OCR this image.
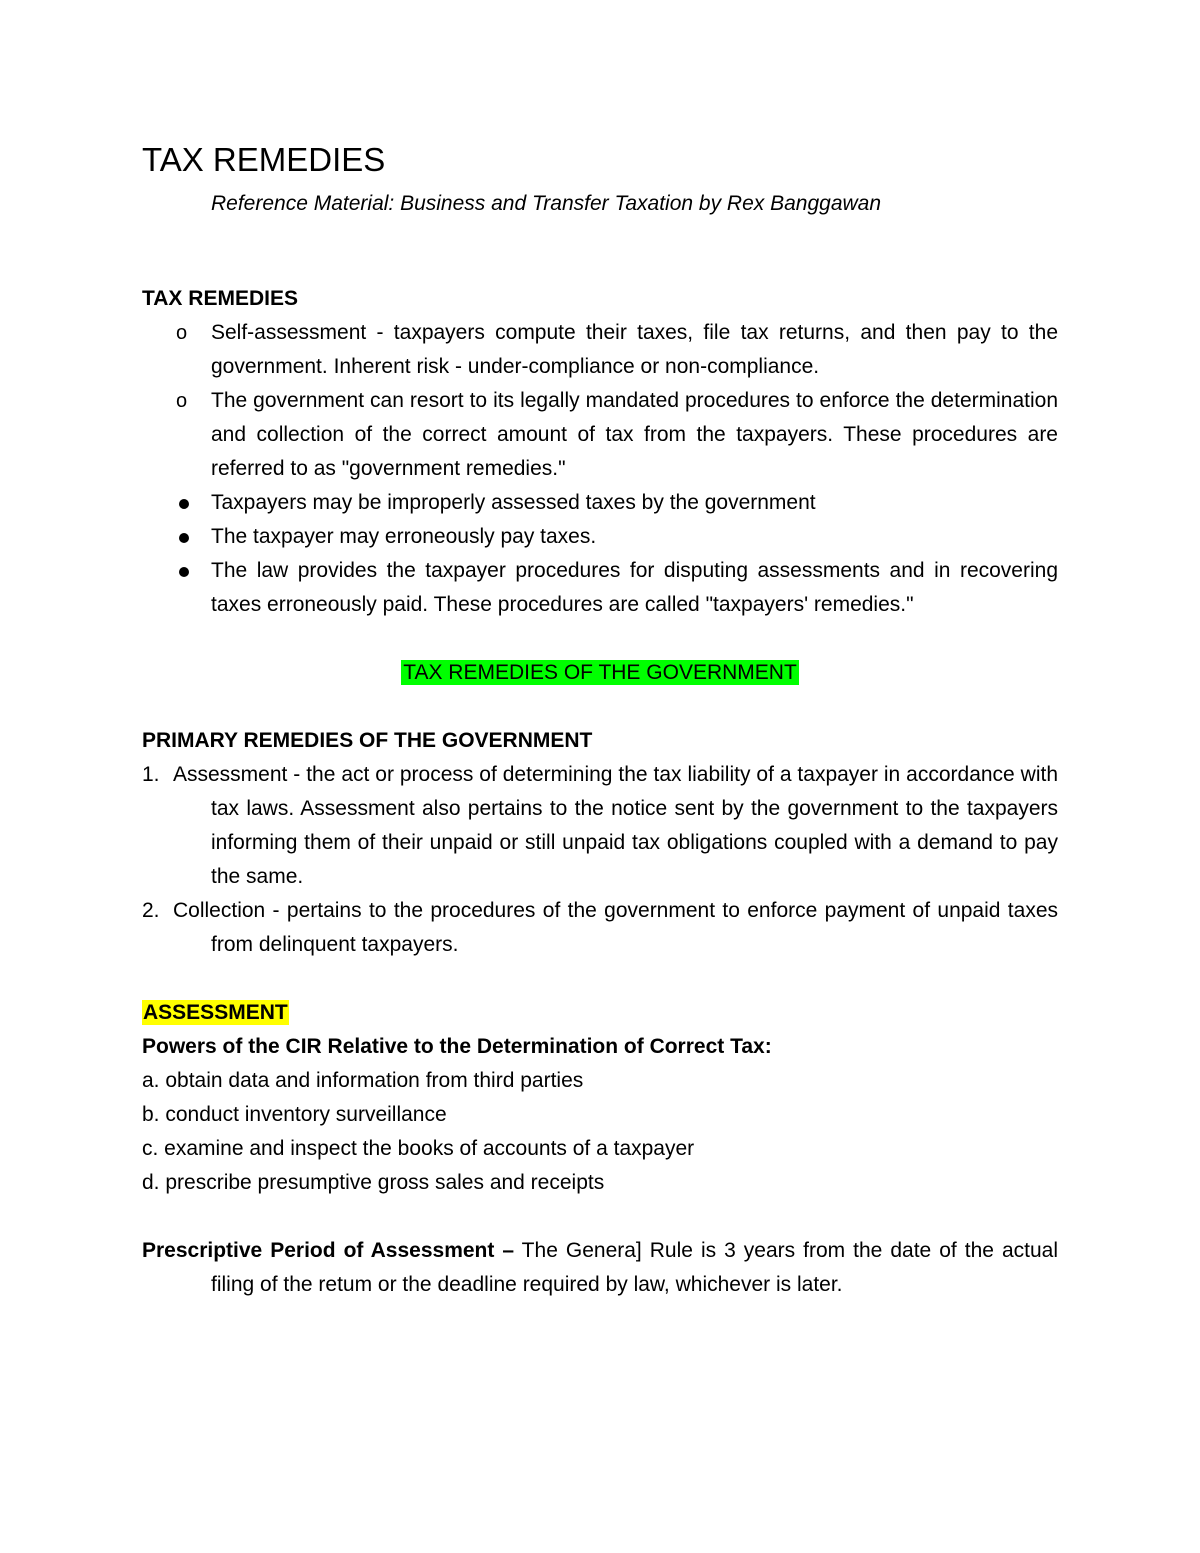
TAX REMEDIES

Reference Material: Business and Transfer Taxation by Rex Banggawan

TAX REMEDIES

o	Self-assessment - taxpayers compute their taxes, file tax returns, and then pay to the government. Inherent risk - under-compliance or non-compliance.
o	The government can resort to its legally mandated procedures to enforce the determination and collection of the correct amount of tax from the taxpayers. These procedures are referred to as "government remedies."
Taxpayers may be improperly assessed taxes by the government
The taxpayer may erroneously pay taxes.
The law provides the taxpayer procedures for disputing assessments and in recovering taxes erroneously paid. These procedures are called "taxpayers' remedies."

TAX REMEDIES OF THE GOVERNMENT

PRIMARY REMEDIES OF THE GOVERNMENT

1. Assessment - the act or process of determining the tax liability of a taxpayer in accordance with tax laws. Assessment also pertains to the notice sent by the government to the taxpayers informing them of their unpaid or still unpaid tax obligations coupled with a demand to pay the same.
2. Collection - pertains to the procedures of the government to enforce payment of unpaid taxes from delinquent taxpayers.

ASSESSMENT

Powers of the CIR Relative to the Determination of Correct Tax:

a. obtain data and information from third parties
b. conduct inventory surveillance
c. examine and inspect the books of accounts of a taxpayer
d. prescribe presumptive gross sales and receipts

Prescriptive Period of Assessment – The Genera] Rule is 3 years from the date of the actual filing of the retum or the deadline required by law, whichever is later.
